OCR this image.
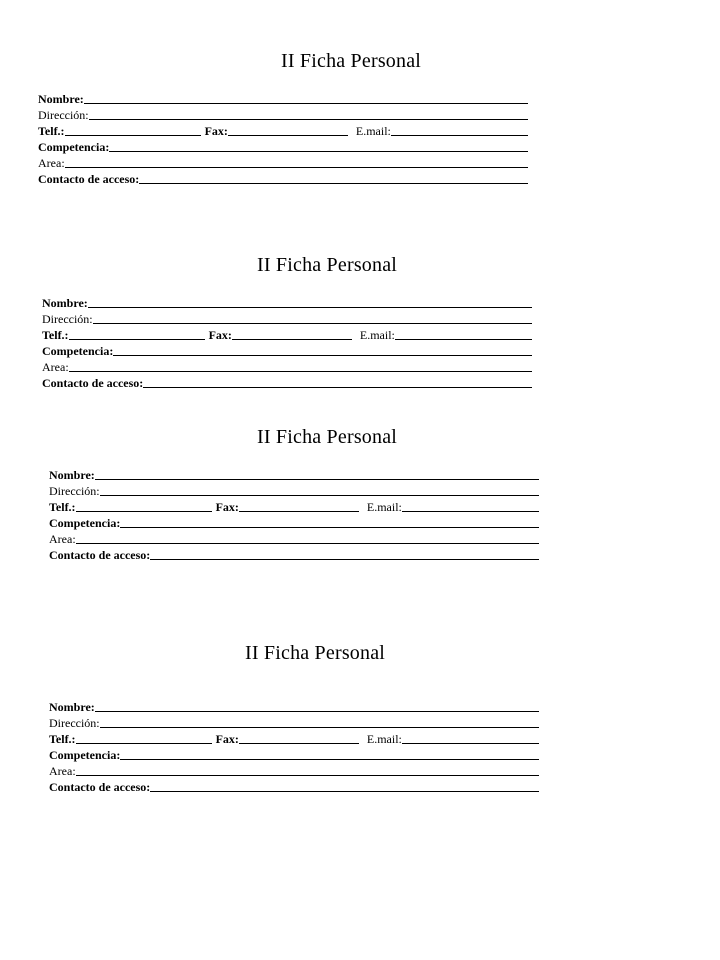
II Ficha Personal
Nombre:
Dirección:
Telf.:	Fax:	E.mail:
Competencia:
Area:
Contacto de acceso:
II Ficha Personal
Nombre:
Dirección:
Telf.:	Fax:	E.mail:
Competencia:
Area:
Contacto de acceso:
II Ficha Personal
Nombre:
Dirección:
Telf.:	Fax:	E.mail:
Competencia:
Area:
Contacto de acceso:
II Ficha Personal
Nombre:
Dirección:
Telf.:	Fax:	E.mail:
Competencia:
Area:
Contacto de acceso:
